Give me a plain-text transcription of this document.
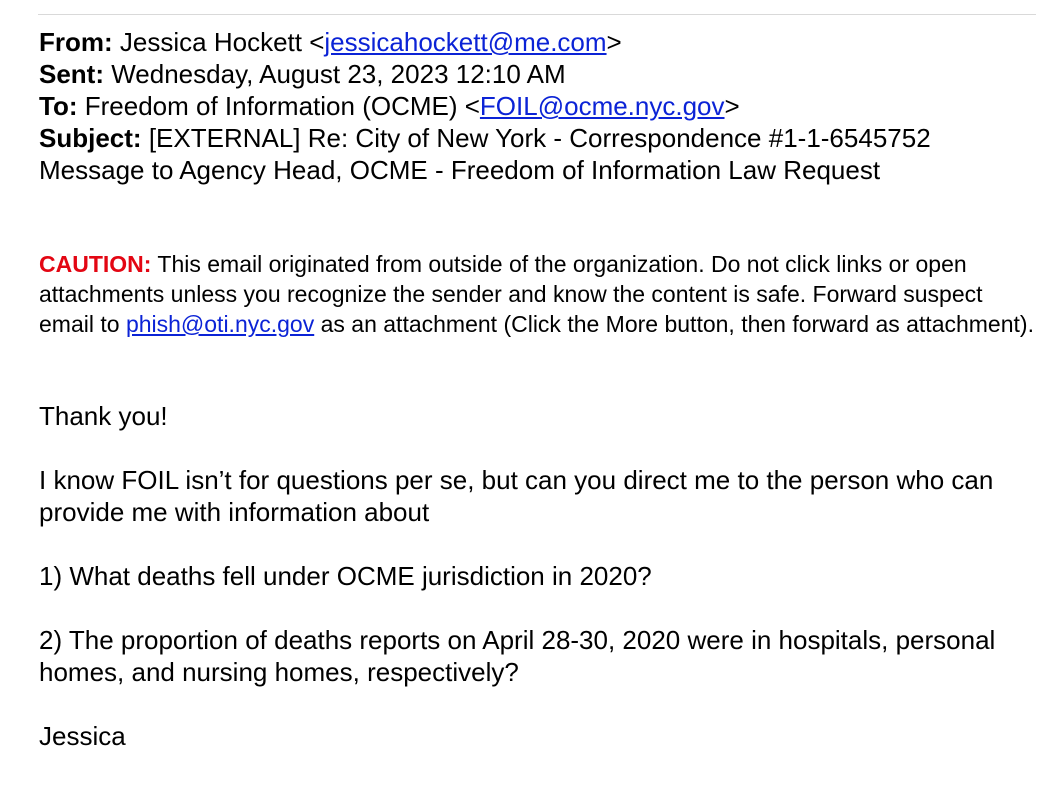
From: Jessica Hockett <jessicahockett@me.com>
Sent: Wednesday, August 23, 2023 12:10 AM
To: Freedom of Information (OCME) <FOIL@ocme.nyc.gov>
Subject: [EXTERNAL] Re: City of New York - Correspondence #1-1-6545752 Message to Agency Head, OCME - Freedom of Information Law Request
CAUTION: This email originated from outside of the organization. Do not click links or open attachments unless you recognize the sender and know the content is safe. Forward suspect email to phish@oti.nyc.gov as an attachment (Click the More button, then forward as attachment).

Thank you!

I know FOIL isn’t for questions per se, but can you direct me to the person who can provide me with information about

1) What deaths fell under OCME jurisdiction in 2020?

2) The proportion of deaths reports on April 28-30, 2020 were in hospitals, personal homes, and nursing homes, respectively?

Jessica
